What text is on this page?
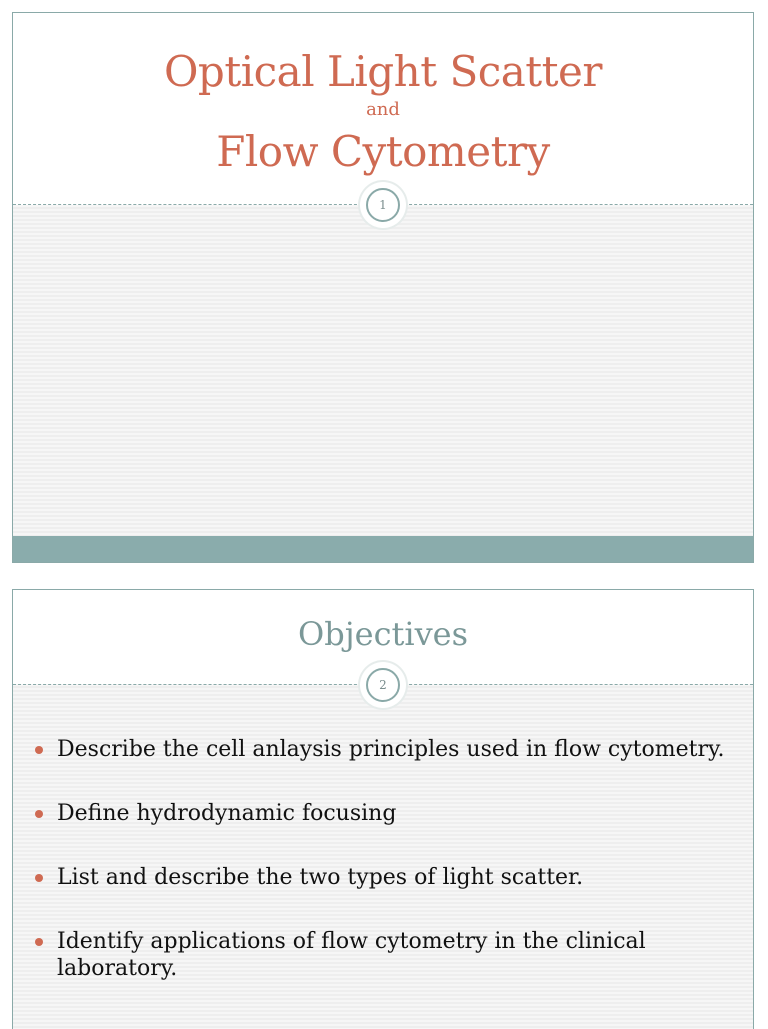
Optical Light Scatter
and
Flow Cytometry
1
Objectives
2
Describe the cell anlaysis principles used in flow cytometry.
Define hydrodynamic focusing
List and describe the two types of light scatter.
Identify applications of flow cytometry in the clinical laboratory.
